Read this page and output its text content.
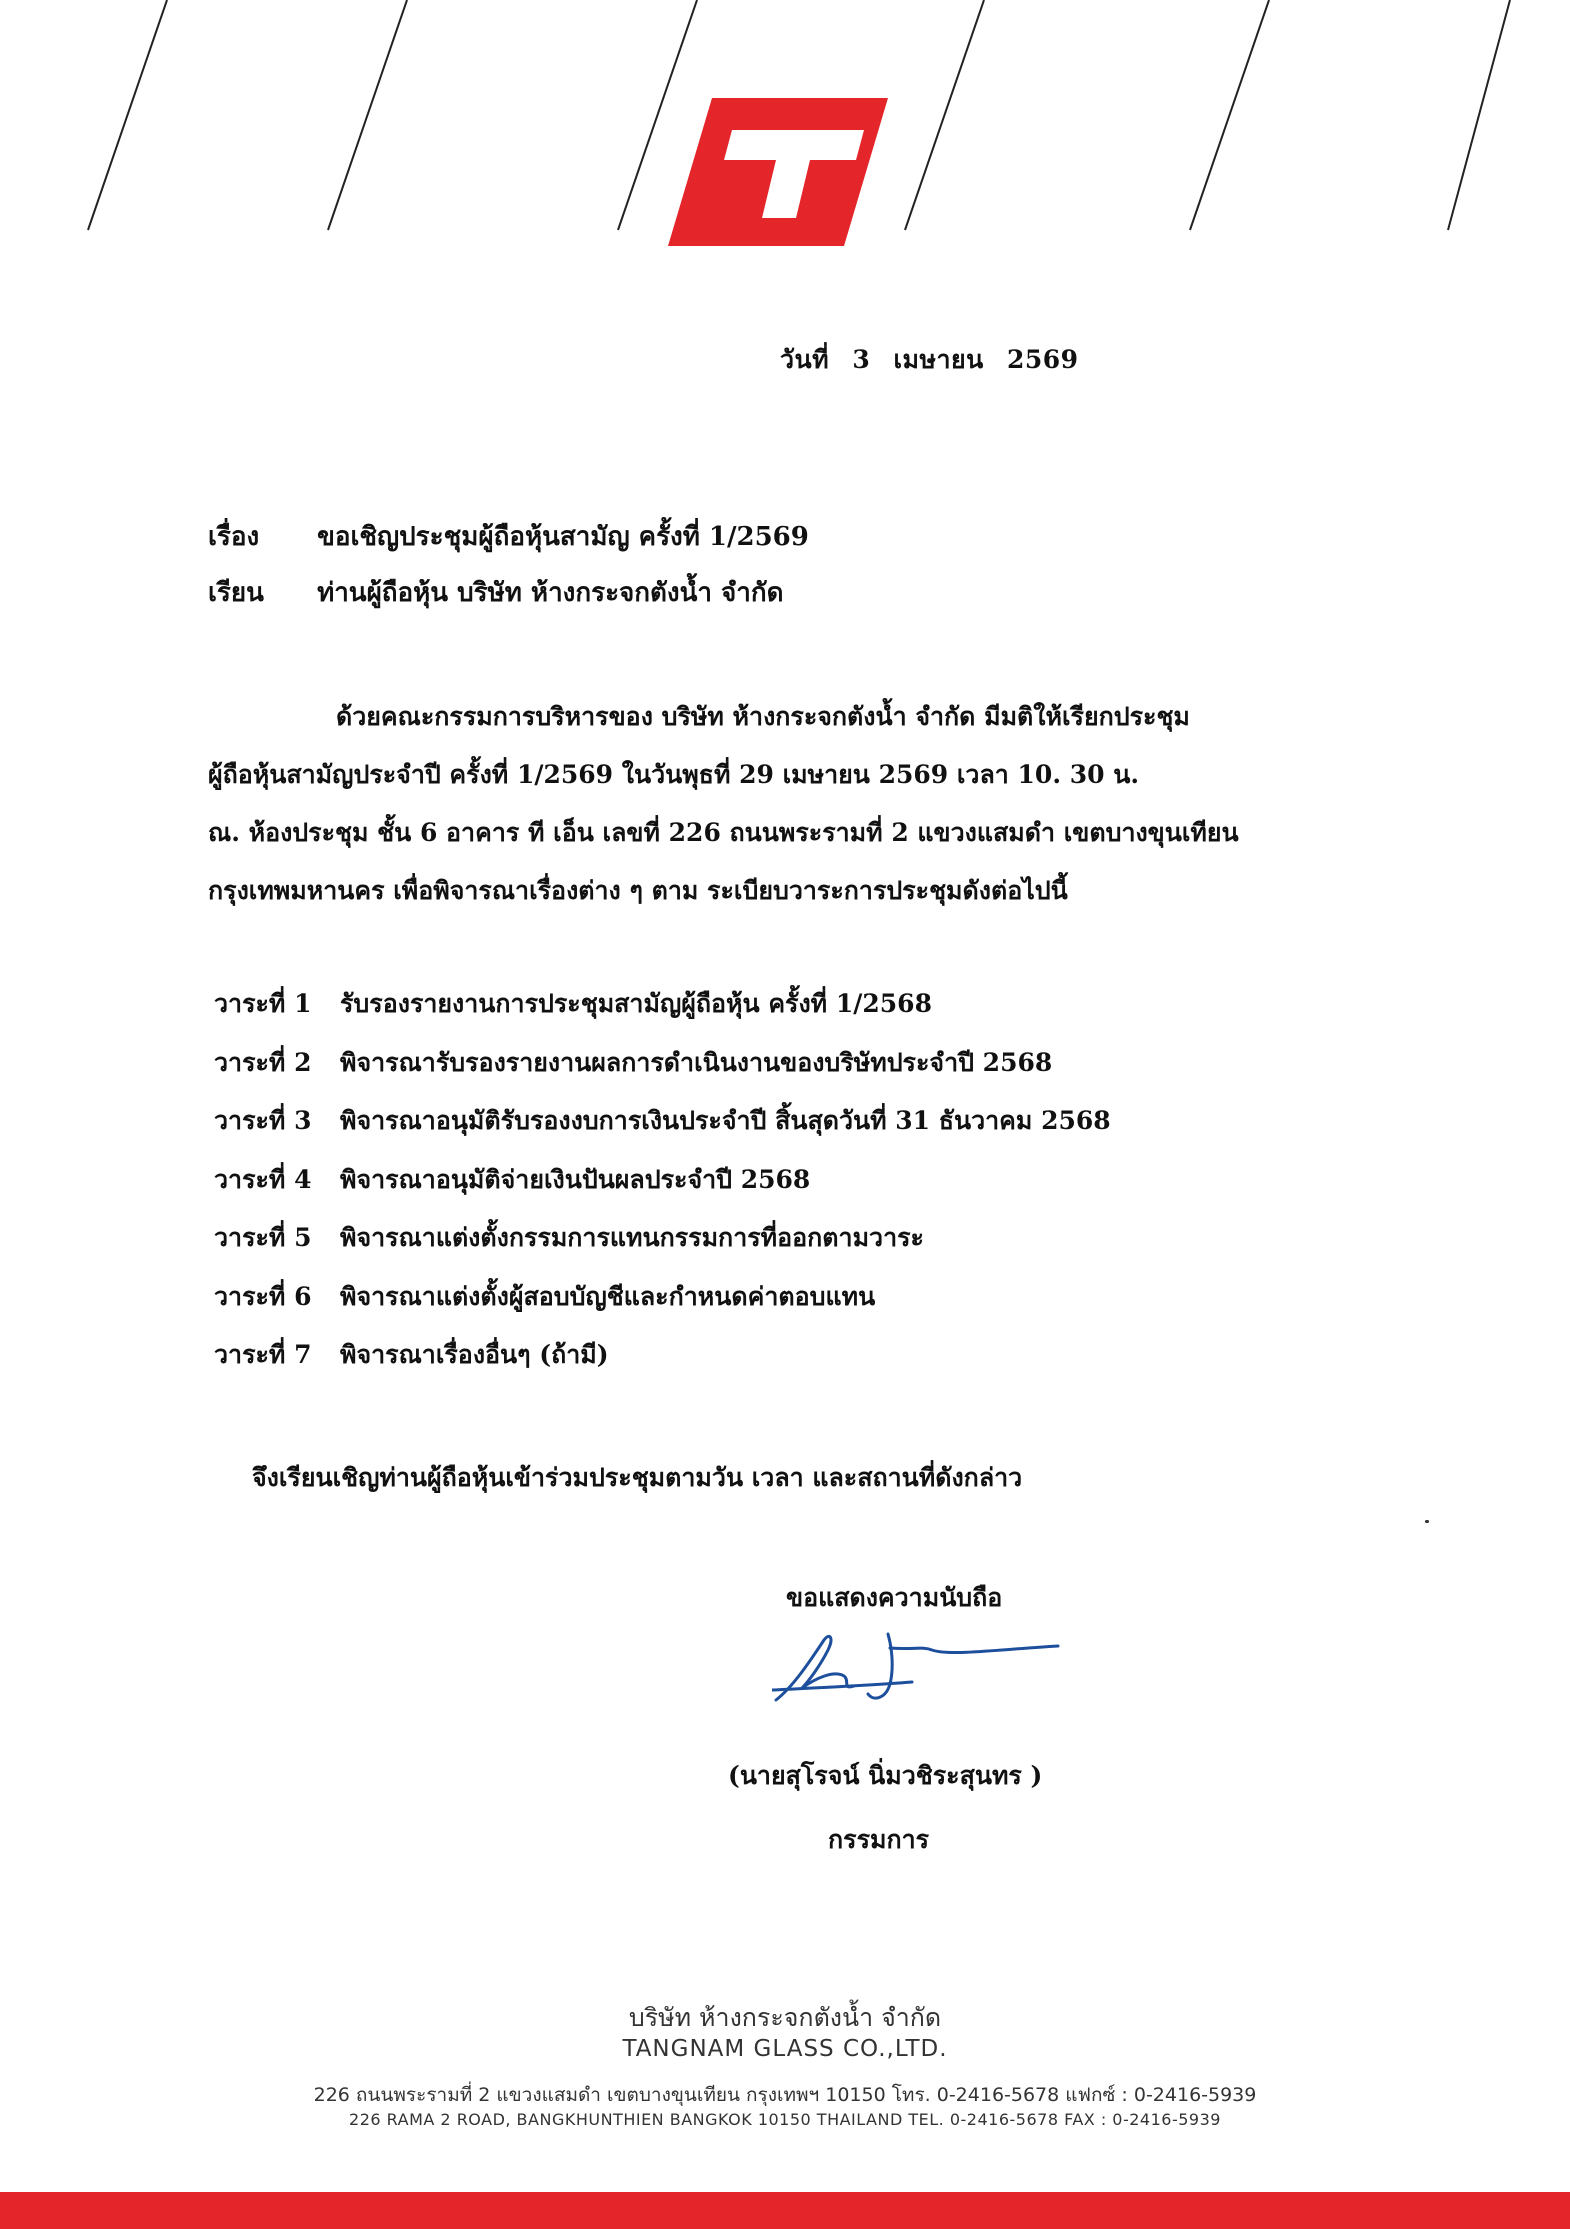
วันที่ 3 เมษายน 2569
เรื่อง ขอเชิญประชุมผู้ถือหุ้นสามัญ ครั้งที่ 1/2569
เรียน ท่านผู้ถือหุ้น บริษัท ห้างกระจกตังน้ำ จำกัด
ด้วยคณะกรรมการบริหารของ บริษัท ห้างกระจกตังน้ำ จำกัด มีมติให้เรียกประชุม
ผู้ถือหุ้นสามัญประจำปี ครั้งที่ 1/2569 ในวันพุธที่ 29 เมษายน 2569 เวลา 10. 30 น.
ณ. ห้องประชุม ชั้น 6 อาคาร ที เอ็น เลขที่ 226 ถนนพระรามที่ 2 แขวงแสมดำ เขตบางขุนเทียน
กรุงเทพมหานคร เพื่อพิจารณาเรื่องต่าง ๆ ตาม ระเบียบวาระการประชุมดังต่อไปนี้
วาระที่ 1 รับรองรายงานการประชุมสามัญผู้ถือหุ้น ครั้งที่ 1/2568
วาระที่ 2 พิจารณารับรองรายงานผลการดำเนินงานของบริษัทประจำปี 2568
วาระที่ 3 พิจารณาอนุมัติรับรองงบการเงินประจำปี สิ้นสุดวันที่ 31 ธันวาคม 2568
วาระที่ 4 พิจารณาอนุมัติจ่ายเงินปันผลประจำปี 2568
วาระที่ 5 พิจารณาแต่งตั้งกรรมการแทนกรรมการที่ออกตามวาระ
วาระที่ 6 พิจารณาแต่งตั้งผู้สอบบัญชีและกำหนดค่าตอบแทน
วาระที่ 7 พิจารณาเรื่องอื่นๆ (ถ้ามี)
จึงเรียนเชิญท่านผู้ถือหุ้นเข้าร่วมประชุมตามวัน เวลา และสถานที่ดังกล่าว
ขอแสดงความนับถือ
(นายสุโรจน์ นิ่มวชิระสุนทร )
กรรมการ
บริษัท ห้างกระจกตังน้ำ จำกัด
TANGNAM GLASS CO.,LTD.
226 ถนนพระรามที่ 2 แขวงแสมดำ เขตบางขุนเทียน กรุงเทพฯ 10150 โทร. 0-2416-5678 แฟกซ์ : 0-2416-5939
226 RAMA 2 ROAD, BANGKHUNTHIEN BANGKOK 10150 THAILAND TEL. 0-2416-5678 FAX : 0-2416-5939
